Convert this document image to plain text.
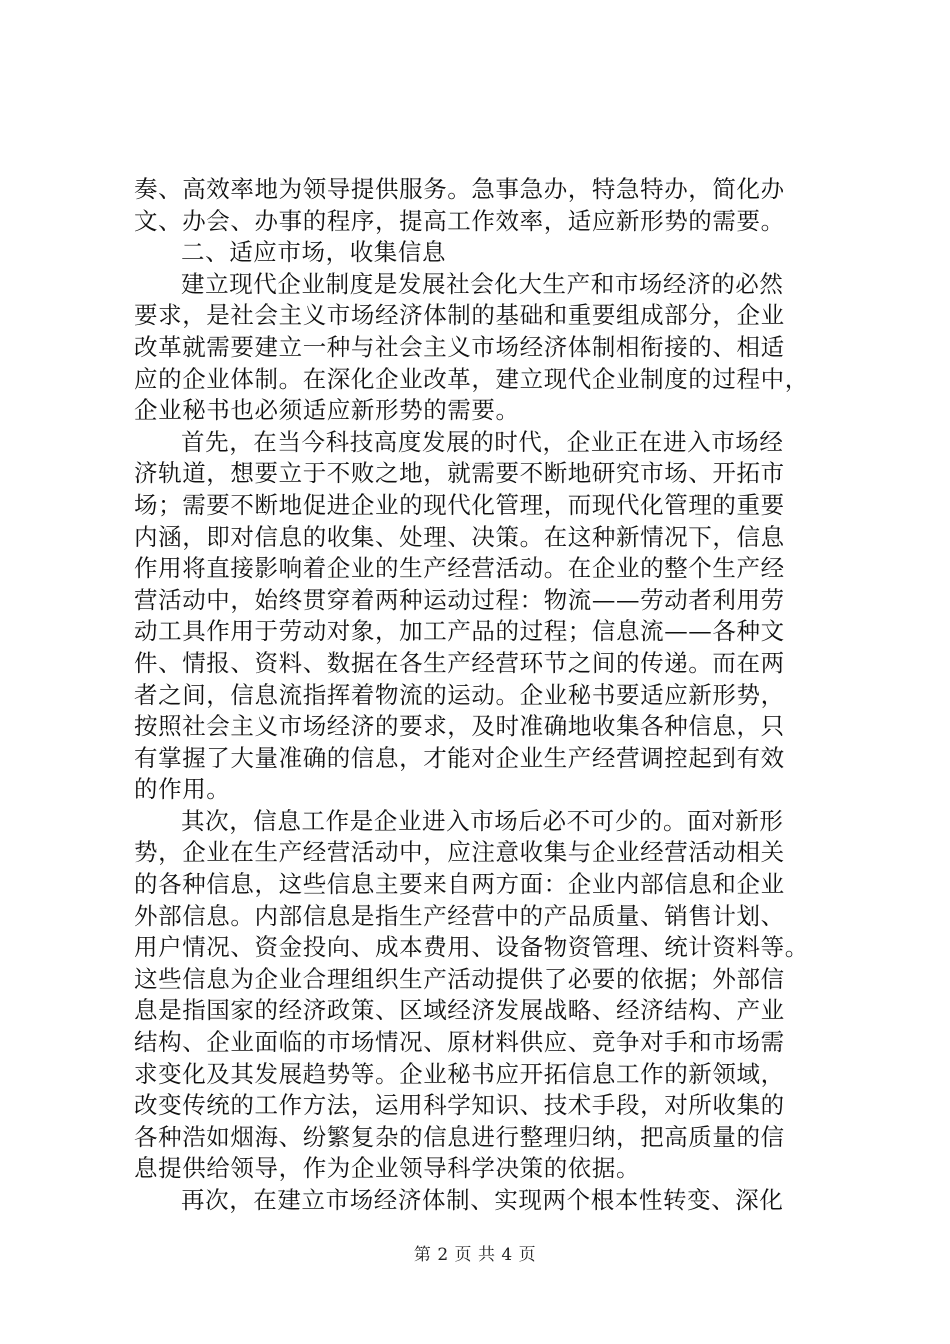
奏、高效率地为领导提供服务。急事急办，特急特办，简化办
文、办会、办事的程序，提高工作效率，适应新形势的需要。
二、适应市场，收集信息
建立现代企业制度是发展社会化大生产和市场经济的必然
要求，是社会主义市场经济体制的基础和重要组成部分，企业
改革就需要建立一种与社会主义市场经济体制相衔接的、相适
应的企业体制。在深化企业改革，建立现代企业制度的过程中，
企业秘书也必须适应新形势的需要。
首先，在当今科技高度发展的时代，企业正在进入市场经
济轨道，想要立于不败之地，就需要不断地研究市场、开拓市
场；需要不断地促进企业的现代化管理，而现代化管理的重要
内涵，即对信息的收集、处理、决策。在这种新情况下，信息
作用将直接影响着企业的生产经营活动。在企业的整个生产经
营活动中，始终贯穿着两种运动过程：物流——劳动者利用劳
动工具作用于劳动对象，加工产品的过程；信息流——各种文
件、情报、资料、数据在各生产经营环节之间的传递。而在两
者之间，信息流指挥着物流的运动。企业秘书要适应新形势，
按照社会主义市场经济的要求，及时准确地收集各种信息，只
有掌握了大量准确的信息，才能对企业生产经营调控起到有效
的作用。
其次，信息工作是企业进入市场后必不可少的。面对新形
势，企业在生产经营活动中，应注意收集与企业经营活动相关
的各种信息，这些信息主要来自两方面：企业内部信息和企业
外部信息。内部信息是指生产经营中的产品质量、销售计划、
用户情况、资金投向、成本费用、设备物资管理、统计资料等。
这些信息为企业合理组织生产活动提供了必要的依据；外部信
息是指国家的经济政策、区域经济发展战略、经济结构、产业
结构、企业面临的市场情况、原材料供应、竞争对手和市场需
求变化及其发展趋势等。企业秘书应开拓信息工作的新领域，
改变传统的工作方法，运用科学知识、技术手段，对所收集的
各种浩如烟海、纷繁复杂的信息进行整理归纳，把高质量的信
息提供给领导，作为企业领导科学决策的依据。
再次，在建立市场经济体制、实现两个根本性转变、深化
第 2 页 共 4 页
